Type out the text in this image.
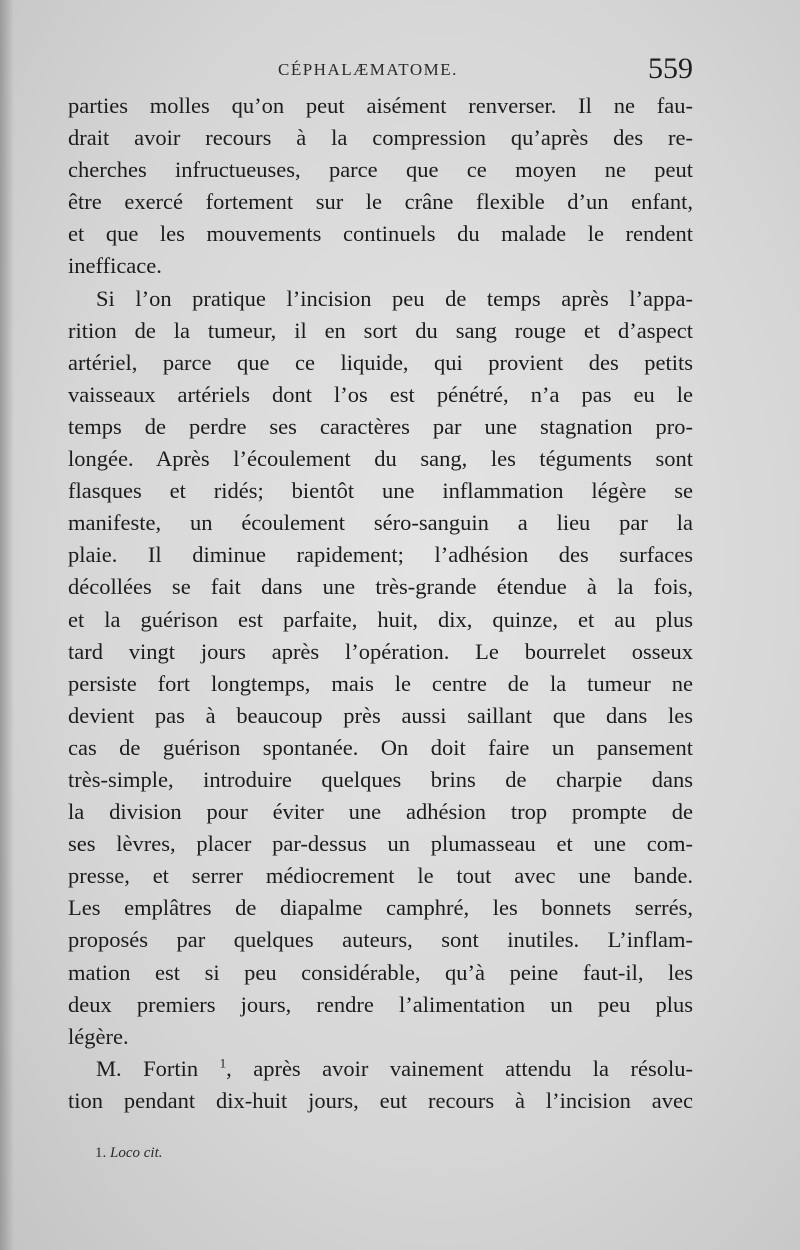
CÉPHALÆMATOME.	559
parties molles qu’on peut aisément renverser. Il ne fau-
drait avoir recours à la compression qu’après des re-
cherches infructueuses, parce que ce moyen ne peut
être exercé fortement sur le crâne flexible d’un enfant,
et que les mouvements continuels du malade le rendent
inefficace.
Si l’on pratique l’incision peu de temps après l’appa-
rition de la tumeur, il en sort du sang rouge et d’aspect
artériel, parce que ce liquide, qui provient des petits
vaisseaux artériels dont l’os est pénétré, n’a pas eu le
temps de perdre ses caractères par une stagnation pro-
longée. Après l’écoulement du sang, les téguments sont
flasques et ridés; bientôt une inflammation légère se
manifeste, un écoulement séro-sanguin a lieu par la
plaie. Il diminue rapidement; l’adhésion des surfaces
décollées se fait dans une très-grande étendue à la fois,
et la guérison est parfaite, huit, dix, quinze, et au plus
tard vingt jours après l’opération. Le bourrelet osseux
persiste fort longtemps, mais le centre de la tumeur ne
devient pas à beaucoup près aussi saillant que dans les
cas de guérison spontanée. On doit faire un pansement
très-simple, introduire quelques brins de charpie dans
la division pour éviter une adhésion trop prompte de
ses lèvres, placer par-dessus un plumasseau et une com-
presse, et serrer médiocrement le tout avec une bande.
Les emplâtres de diapalme camphré, les bonnets serrés,
proposés par quelques auteurs, sont inutiles. L’inflam-
mation est si peu considérable, qu’à peine faut-il, les
deux premiers jours, rendre l’alimentation un peu plus
légère.
M. Fortin $^1$, après avoir vainement attendu la résolu-
tion pendant dix-huit jours, eut recours à l’incision avec
1. Loco cit.
